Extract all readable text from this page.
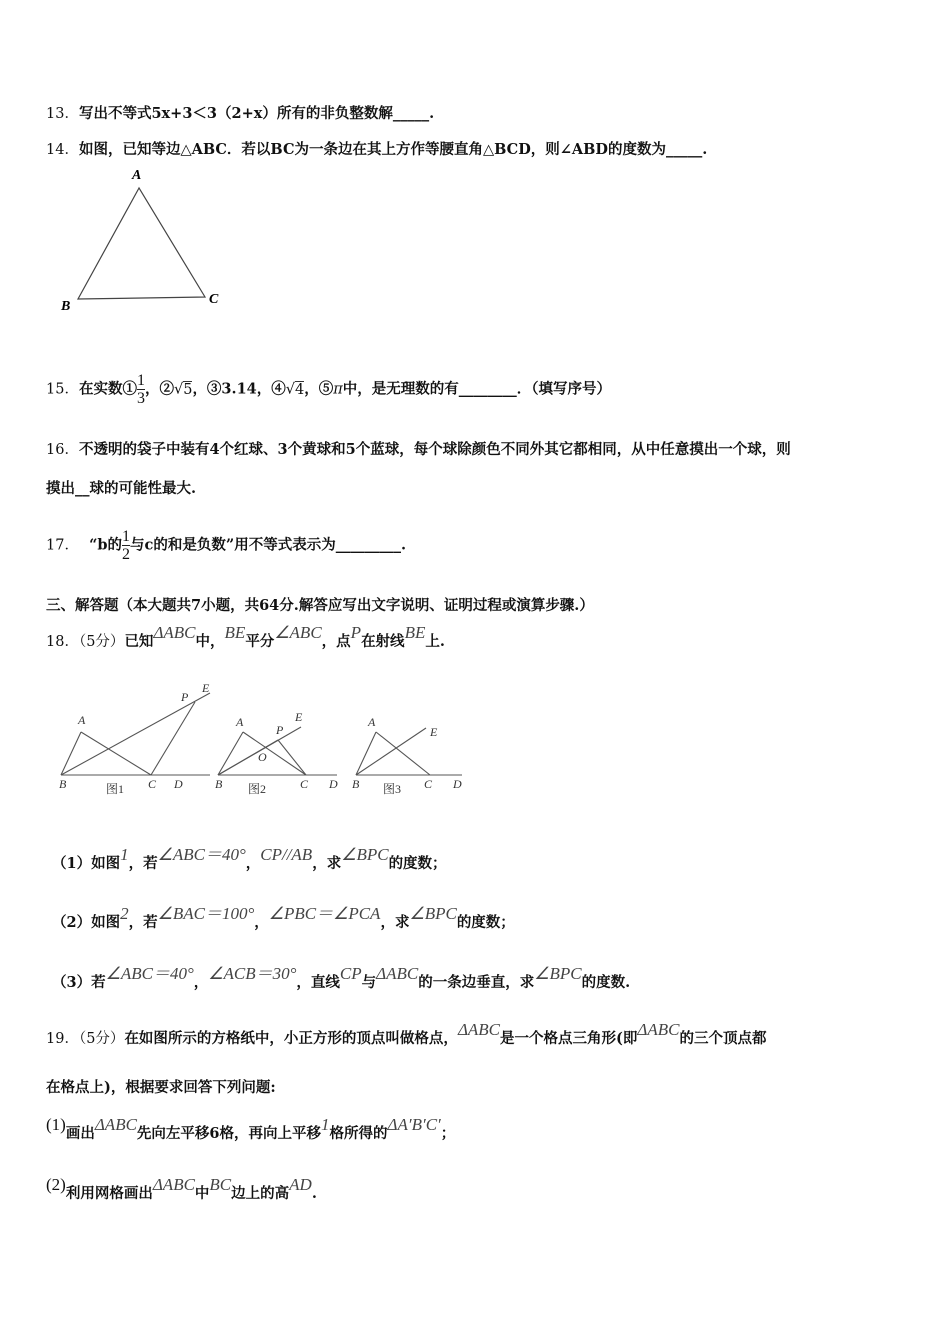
13．写出不等式5x+3＜3（2+x）所有的非负整数解_____.
14．如图，已知等边△ABC．若以BC为一条边在其上方作等腰直角△BCD，则∠ABD的度数为_____.
A
B	C
15．在实数① $\frac{1}{3}$ ，②√5，③3.14，④√4，⑤π中，是无理数的有________．（填写序号）
16．不透明的袋子中装有4个红球、3个黄球和5个蓝球，每个球除颜色不同外其它都相同，从中任意摸出一个球，则
摸出__球的可能性最大.
17． “b的 $\frac{1}{2}$ 与c的和是负数”用不等式表示为_________.
三、解答题（本大题共7小题，共64分.解答应写出文字说明、证明过程或演算步骤.）
18．（5分）已知ΔABC中，BE平分∠ABC，点P在射线BE上.
A
B	C D
P
E
图1
A
B	C D
P
E
O
图2
A
B	C D
E
图3
（1）如图1，若∠ABC＝40°，CP//AB，求∠BPC的度数；
（2）如图2，若∠BAC＝100°，∠PBC＝∠PCA，求∠BPC的度数；
（3）若∠ABC＝40°，∠ACB＝30°，直线CP与ΔABC的一条边垂直，求∠BPC的度数.
19．（5分）在如图所示的方格纸中，小正方形的顶点叫做格点，ΔABC是一个格点三角形(即ΔABC的三个顶点都
在格点上)，根据要求回答下列问题:
(1)画出ΔABC先向左平移6格，再向上平移1格所得的ΔA′B′C′；
(2)利用网格画出ΔABC中BC边上的高AD.
